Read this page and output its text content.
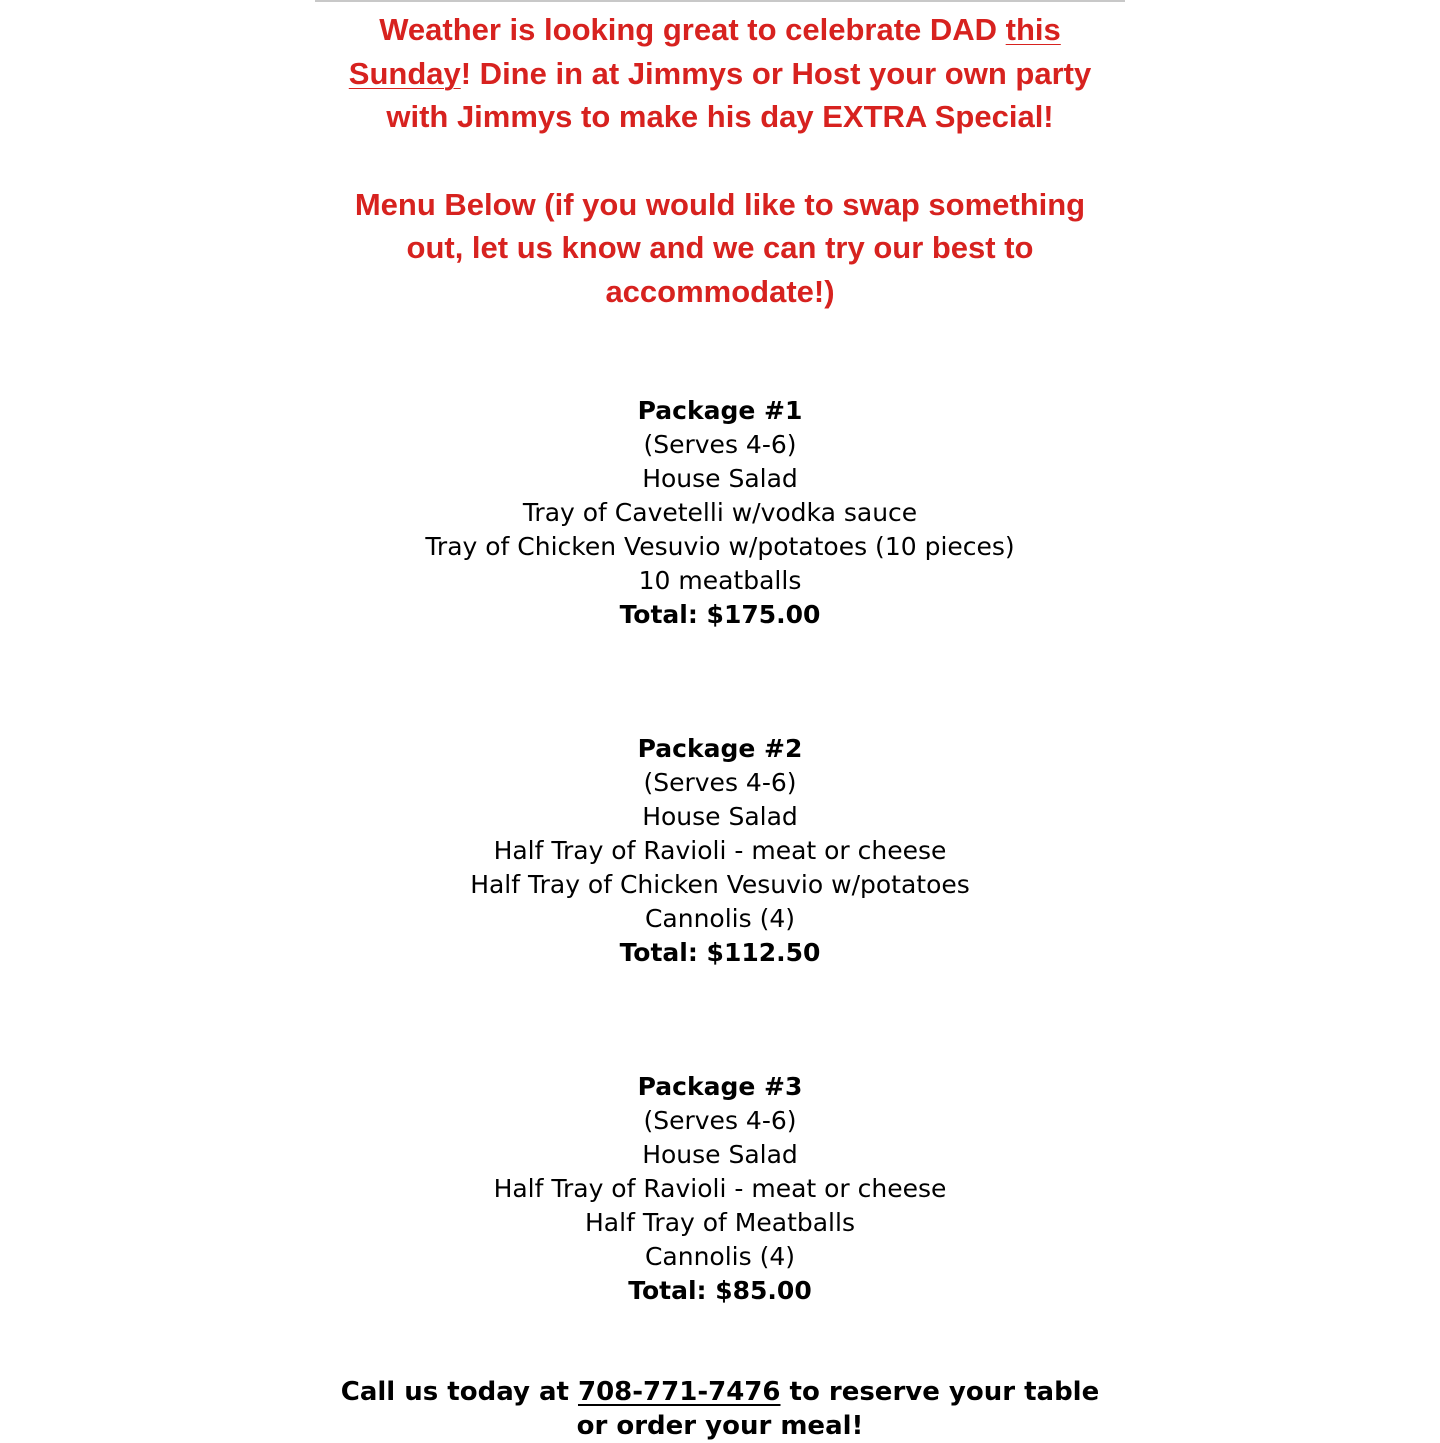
Weather is looking great to celebrate DAD this
Sunday! Dine in at Jimmys or Host your own party with Jimmys to make his day EXTRA Special!

Menu Below (if you would like to swap something out, let us know and we can try our best to accommodate!)

Package #1
(Serves 4-6)
House Salad
Tray of Cavetelli w/vodka sauce
Tray of Chicken Vesuvio w/potatoes (10 pieces)
10 meatballs
Total: $175.00
Package #2
(Serves 4-6)
House Salad
Half Tray of Ravioli - meat or cheese
Half Tray of Chicken Vesuvio w/potatoes
Cannolis (4)
Total: $112.50
Package #3
(Serves 4-6)
House Salad
Half Tray of Ravioli - meat or cheese
Half Tray of Meatballs
Cannolis (4)
Total: $85.00
Call us today at 708-771-7476 to reserve your table or order your meal!
